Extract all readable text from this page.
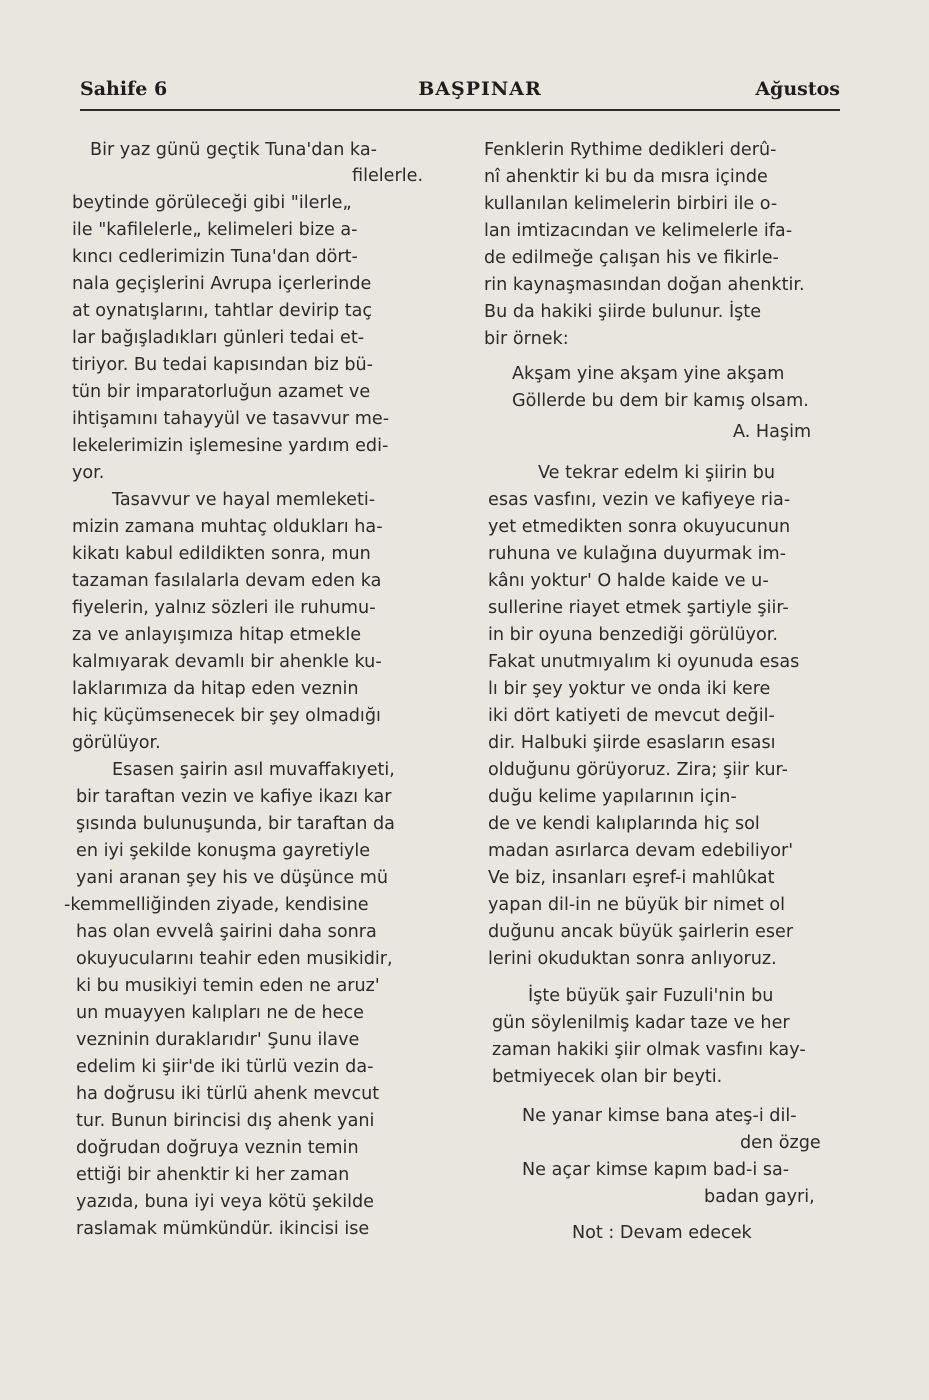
Sahife 6	BAŞPINAR	Ağustos
Bir yaz günü geçtik Tuna'dan ka-
filelerle.
beytinde görüleceği gibi "ilerle„
ile "kafilelerle„ kelimeleri bize a-
kıncı cedlerimizin Tuna'dan dört-
nala geçişlerini Avrupa içerlerinde
at oynatışlarını, tahtlar devirip taç
lar bağışladıkları günleri tedai et-
tiriyor. Bu tedai kapısından biz bü-
tün bir imparatorluğun azamet ve
ihtişamını tahayyül ve tasavvur me-
lekelerimizin işlemesine yardım edi-
yor.
Tasavvur ve hayal memleketi-
mizin zamana muhtaç oldukları ha-
kikatı kabul edildikten sonra, mun
tazaman fasılalarla devam eden ka
fiyelerin, yalnız sözleri ile ruhumu-
za ve anlayışımıza hitap etmekle
kalmıyarak devamlı bir ahenkle ku-
laklarımıza da hitap eden veznin
hiç küçümsenecek bir şey olmadığı
görülüyor.
Esasen şairin asıl muvaffakıyeti,
bir taraftan vezin ve kafiye ikazı kar
şısında bulunuşunda, bir taraftan da
en iyi şekilde konuşma gayretiyle
yani aranan şey his ve düşünce mü
-kemmelliğinden ziyade, kendisine
has olan evvelâ şairini daha sonra
okuyucularını teahir eden musikidir,
ki bu musikiyi temin eden ne aruz'
un muayyen kalıpları ne de hece
vezninin duraklarıdır' Şunu ilave
edelim ki şiir'de iki türlü vezin da-
ha doğrusu iki türlü ahenk mevcut
tur. Bunun birincisi dış ahenk yani
doğrudan doğruya veznin temin
ettiği bir ahenktir ki her zaman
yazıda, buna iyi veya kötü şekilde
raslamak mümkündür. ikincisi ise
Fenklerin Rythime dedikleri derû-
nî ahenktir ki bu da mısra içinde
kullanılan kelimelerin birbiri ile o-
lan imtizacından ve kelimelerle ifa-
de edilmeğe çalışan his ve fikirle-
rin kaynaşmasından doğan ahenktir.
Bu da hakiki şiirde bulunur. İşte
bir örnek:
Akşam yine akşam yine akşam
Göllerde bu dem bir kamış olsam.
A. Haşim
Ve tekrar edelm ki şiirin bu
esas vasfını, vezin ve kafiyeye ria-
yet etmedikten sonra okuyucunun
ruhuna ve kulağına duyurmak im-
kânı yoktur' O halde kaide ve u-
sullerine riayet etmek şartiyle şiir-
in bir oyuna benzediği görülüyor.
Fakat unutmıyalım ki oyunuda esas
lı bir şey yoktur ve onda iki kere
iki dört katiyeti de mevcut değil-
dir. Halbuki şiirde esasların esası
olduğunu görüyoruz. Zira; şiir kur-
duğu kelime yapılarının için-
de ve kendi kalıplarında hiç sol
madan asırlarca devam edebiliyor'
Ve biz, insanları eşref-i mahlûkat
yapan dil-in ne büyük bir nimet ol
duğunu ancak büyük şairlerin eser
lerini okuduktan sonra anlıyoruz.
İşte büyük şair Fuzuli'nin bu
gün söylenilmiş kadar taze ve her
zaman hakiki şiir olmak vasfını kay-
betmiyecek olan bir beyti.
Ne yanar kimse bana ateş-i dil-
den özge
Ne açar kimse kapım bad-i sa-
badan gayri,
Not : Devam edecek
